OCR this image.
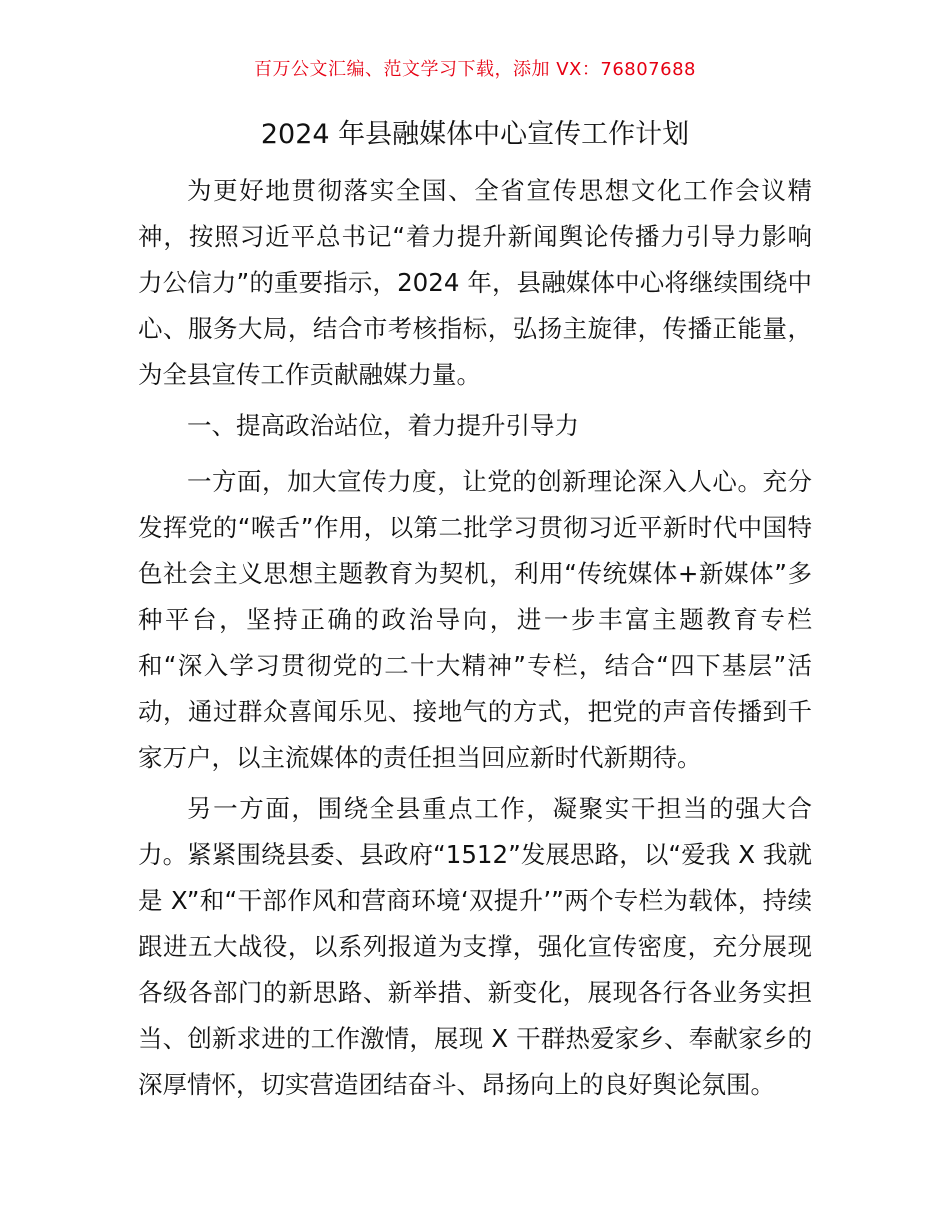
百万公文汇编、范文学习下载，添加 VX：76807688
2024 年县融媒体中心宣传工作计划

为更好地贯彻落实全国、全省宣传思想文化工作会议精神，按照习近平总书记“着力提升新闻舆论传播力引导力影响力公信力”的重要指示，2024 年，县融媒体中心将继续围绕中心、服务大局，结合市考核指标，弘扬主旋律，传播正能量，为全县宣传工作贡献融媒力量。

一、提高政治站位，着力提升引导力

一方面，加大宣传力度，让党的创新理论深入人心。充分发挥党的“喉舌”作用，以第二批学习贯彻习近平新时代中国特色社会主义思想主题教育为契机，利用“传统媒体+新媒体”多种平台，坚持正确的政治导向，进一步丰富主题教育专栏和“深入学习贯彻党的二十大精神”专栏，结合“四下基层”活动，通过群众喜闻乐见、接地气的方式，把党的声音传播到千家万户，以主流媒体的责任担当回应新时代新期待。

另一方面，围绕全县重点工作，凝聚实干担当的强大合力。紧紧围绕县委、县政府“1512”发展思路，以“爱我 X 我就是 X”和“干部作风和营商环境‘双提升’”两个专栏为载体，持续跟进五大战役，以系列报道为支撑，强化宣传密度，充分展现各级各部门的新思路、新举措、新变化，展现各行各业务实担当、创新求进的工作激情，展现 X 干群热爱家乡、奉献家乡的深厚情怀，切实营造团结奋斗、昂扬向上的良好舆论氛围。
